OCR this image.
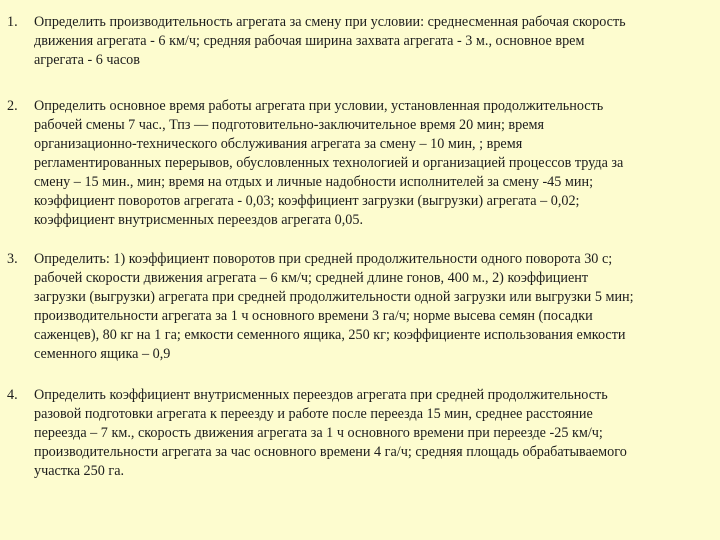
1. Определить производительность агрегата за смену при условии: среднесменная рабочая скорость
движения агрегата - 6 км/ч; средняя рабочая ширина захвата агрегата - 3 м., основное врем
агрегата - 6 часов
2. Определить основное время работы агрегата при условии, установленная продолжительность
рабочей смены 7 час., Тпз — подготовительно-заключительное время 20 мин; время
организационно-технического обслуживания агрегата за смену – 10 мин, ; время
регламентированных перерывов, обусловленных технологией и организацией процессов труда за
смену – 15 мин., мин; время на отдых и личные надобности исполнителей за смену -45 мин;
коэффициент поворотов агрегата - 0,03; коэффициент загрузки (выгрузки) агрегата – 0,02;
коэффициент внутрисменных переездов агрегата 0,05.
3. Определить: 1) коэффициент поворотов при средней продолжительности одного поворота 30 с;
рабочей скорости движения агрегата – 6 км/ч; средней длине гонов, 400 м., 2) коэффициент
загрузки (выгрузки) агрегата при средней продолжительности одной загрузки или выгрузки 5 мин;
производительности агрегата за 1 ч основного времени 3 га/ч; норме высева семян (посадки
саженцев), 80 кг на 1 га; емкости семенного ящика, 250 кг; коэффициенте использования емкости
семенного ящика – 0,9
4. Определить коэффициент внутрисменных переездов агрегата при средней продолжительность
разовой подготовки агрегата к переезду и работе после переезда 15 мин, среднее расстояние
переезда – 7 км., скорость движения агрегата за 1 ч основного времени при переезде -25 км/ч;
производительности агрегата за час основного времени 4 га/ч; средняя площадь обрабатываемого
участка 250 га.
